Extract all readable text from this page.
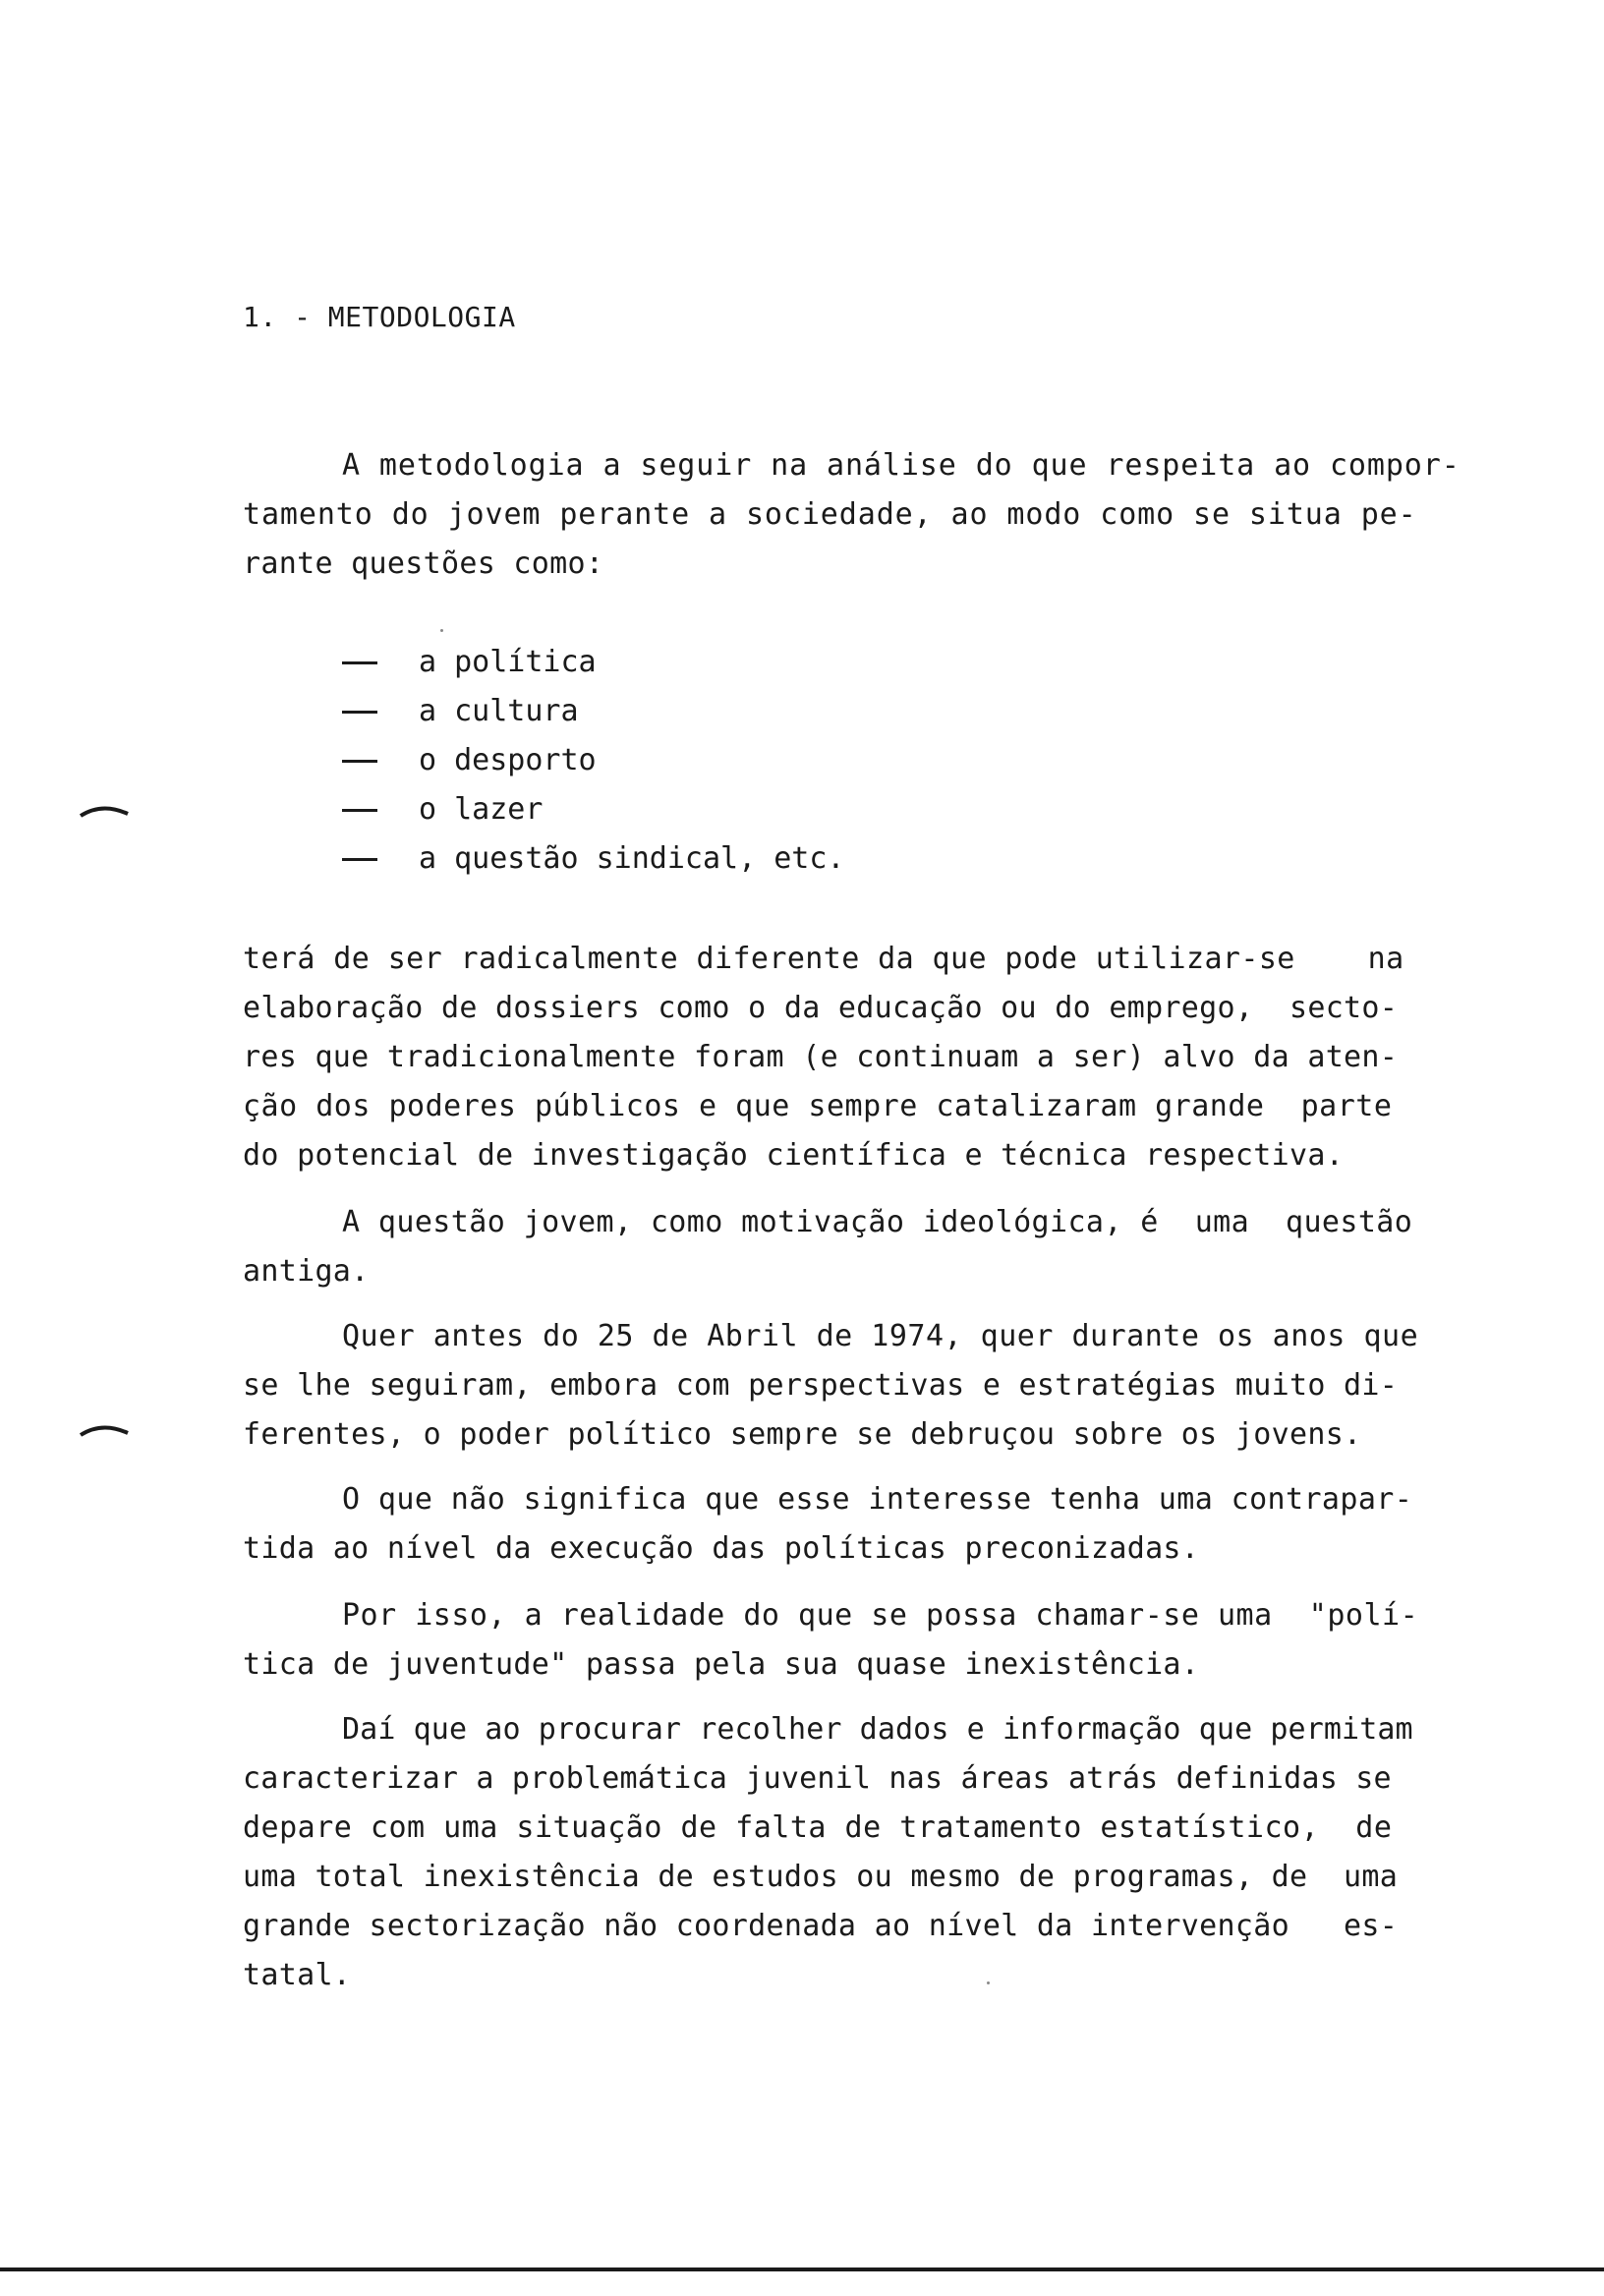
1. - METODOLOGIA
A metodologia a seguir na análise do que respeita ao compor-
tamento do jovem perante a sociedade, ao modo como se situa pe-
rante questões como:
a política
a cultura
o desporto
o lazer
a questão sindical, etc.
terá de ser radicalmente diferente da que pode utilizar-se    na
elaboração de dossiers como o da educação ou do emprego,  secto-
res que tradicionalmente foram (e continuam a ser) alvo da aten-
ção dos poderes públicos e que sempre catalizaram grande  parte
do potencial de investigação científica e técnica respectiva.
A questão jovem, como motivação ideológica, é  uma  questão
antiga.
Quer antes do 25 de Abril de 1974, quer durante os anos que
se lhe seguiram, embora com perspectivas e estratégias muito di-
ferentes, o poder político sempre se debruçou sobre os jovens.
O que não significa que esse interesse tenha uma contrapar-
tida ao nível da execução das políticas preconizadas.
Por isso, a realidade do que se possa chamar-se uma  "polí-
tica de juventude" passa pela sua quase inexistência.
Daí que ao procurar recolher dados e informação que permitam
caracterizar a problemática juvenil nas áreas atrás definidas se
depare com uma situação de falta de tratamento estatístico,  de
uma total inexistência de estudos ou mesmo de programas, de  uma
grande sectorização não coordenada ao nível da intervenção   es-
tatal.
